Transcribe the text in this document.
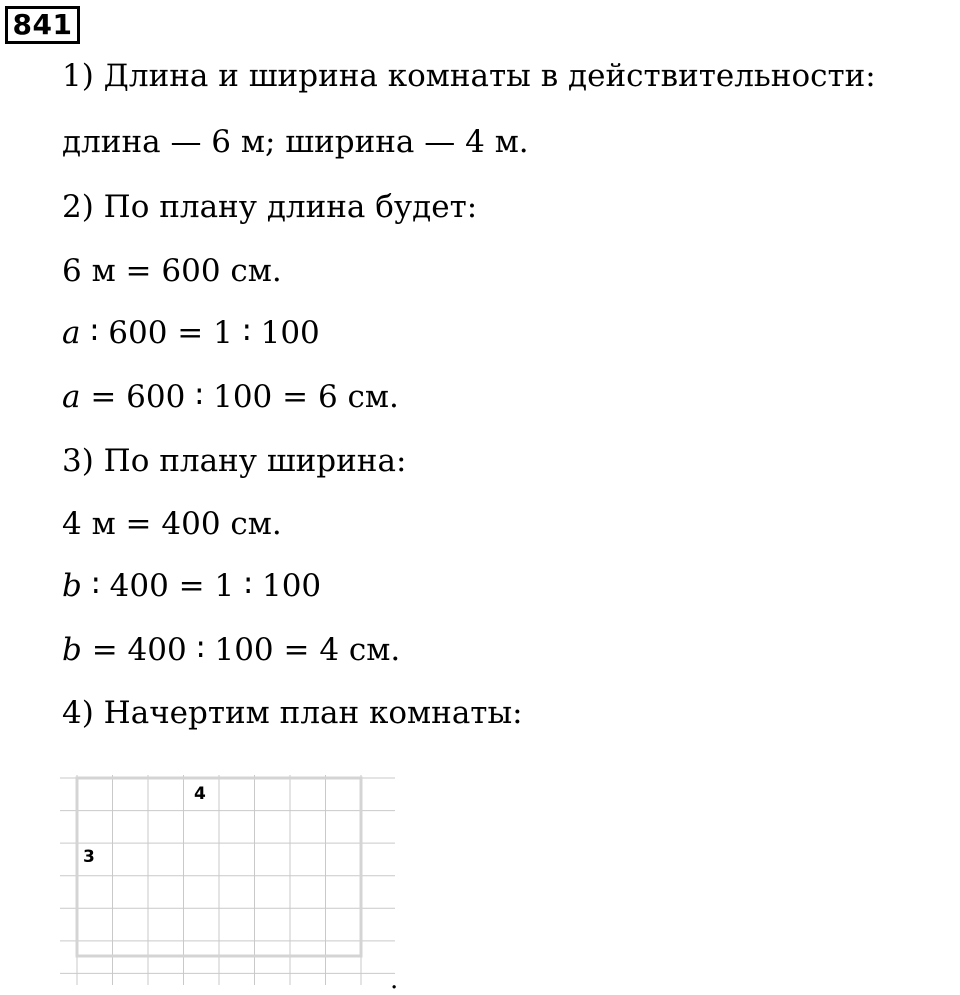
841
1) Длина и ширина комнаты в действительности:
длина — 6 м; ширина — 4 м.
2) По плану длина будет:
6 м = 600 см.
a ∶ 600 = 1 ∶ 100
a = 600 ∶ 100 = 6 см.
3) По плану ширина:
4 м = 400 см.
b ∶ 400 = 1 ∶ 100
b = 400 ∶ 100 = 4 см.
4) Начертим план комнаты:
4
3
.
